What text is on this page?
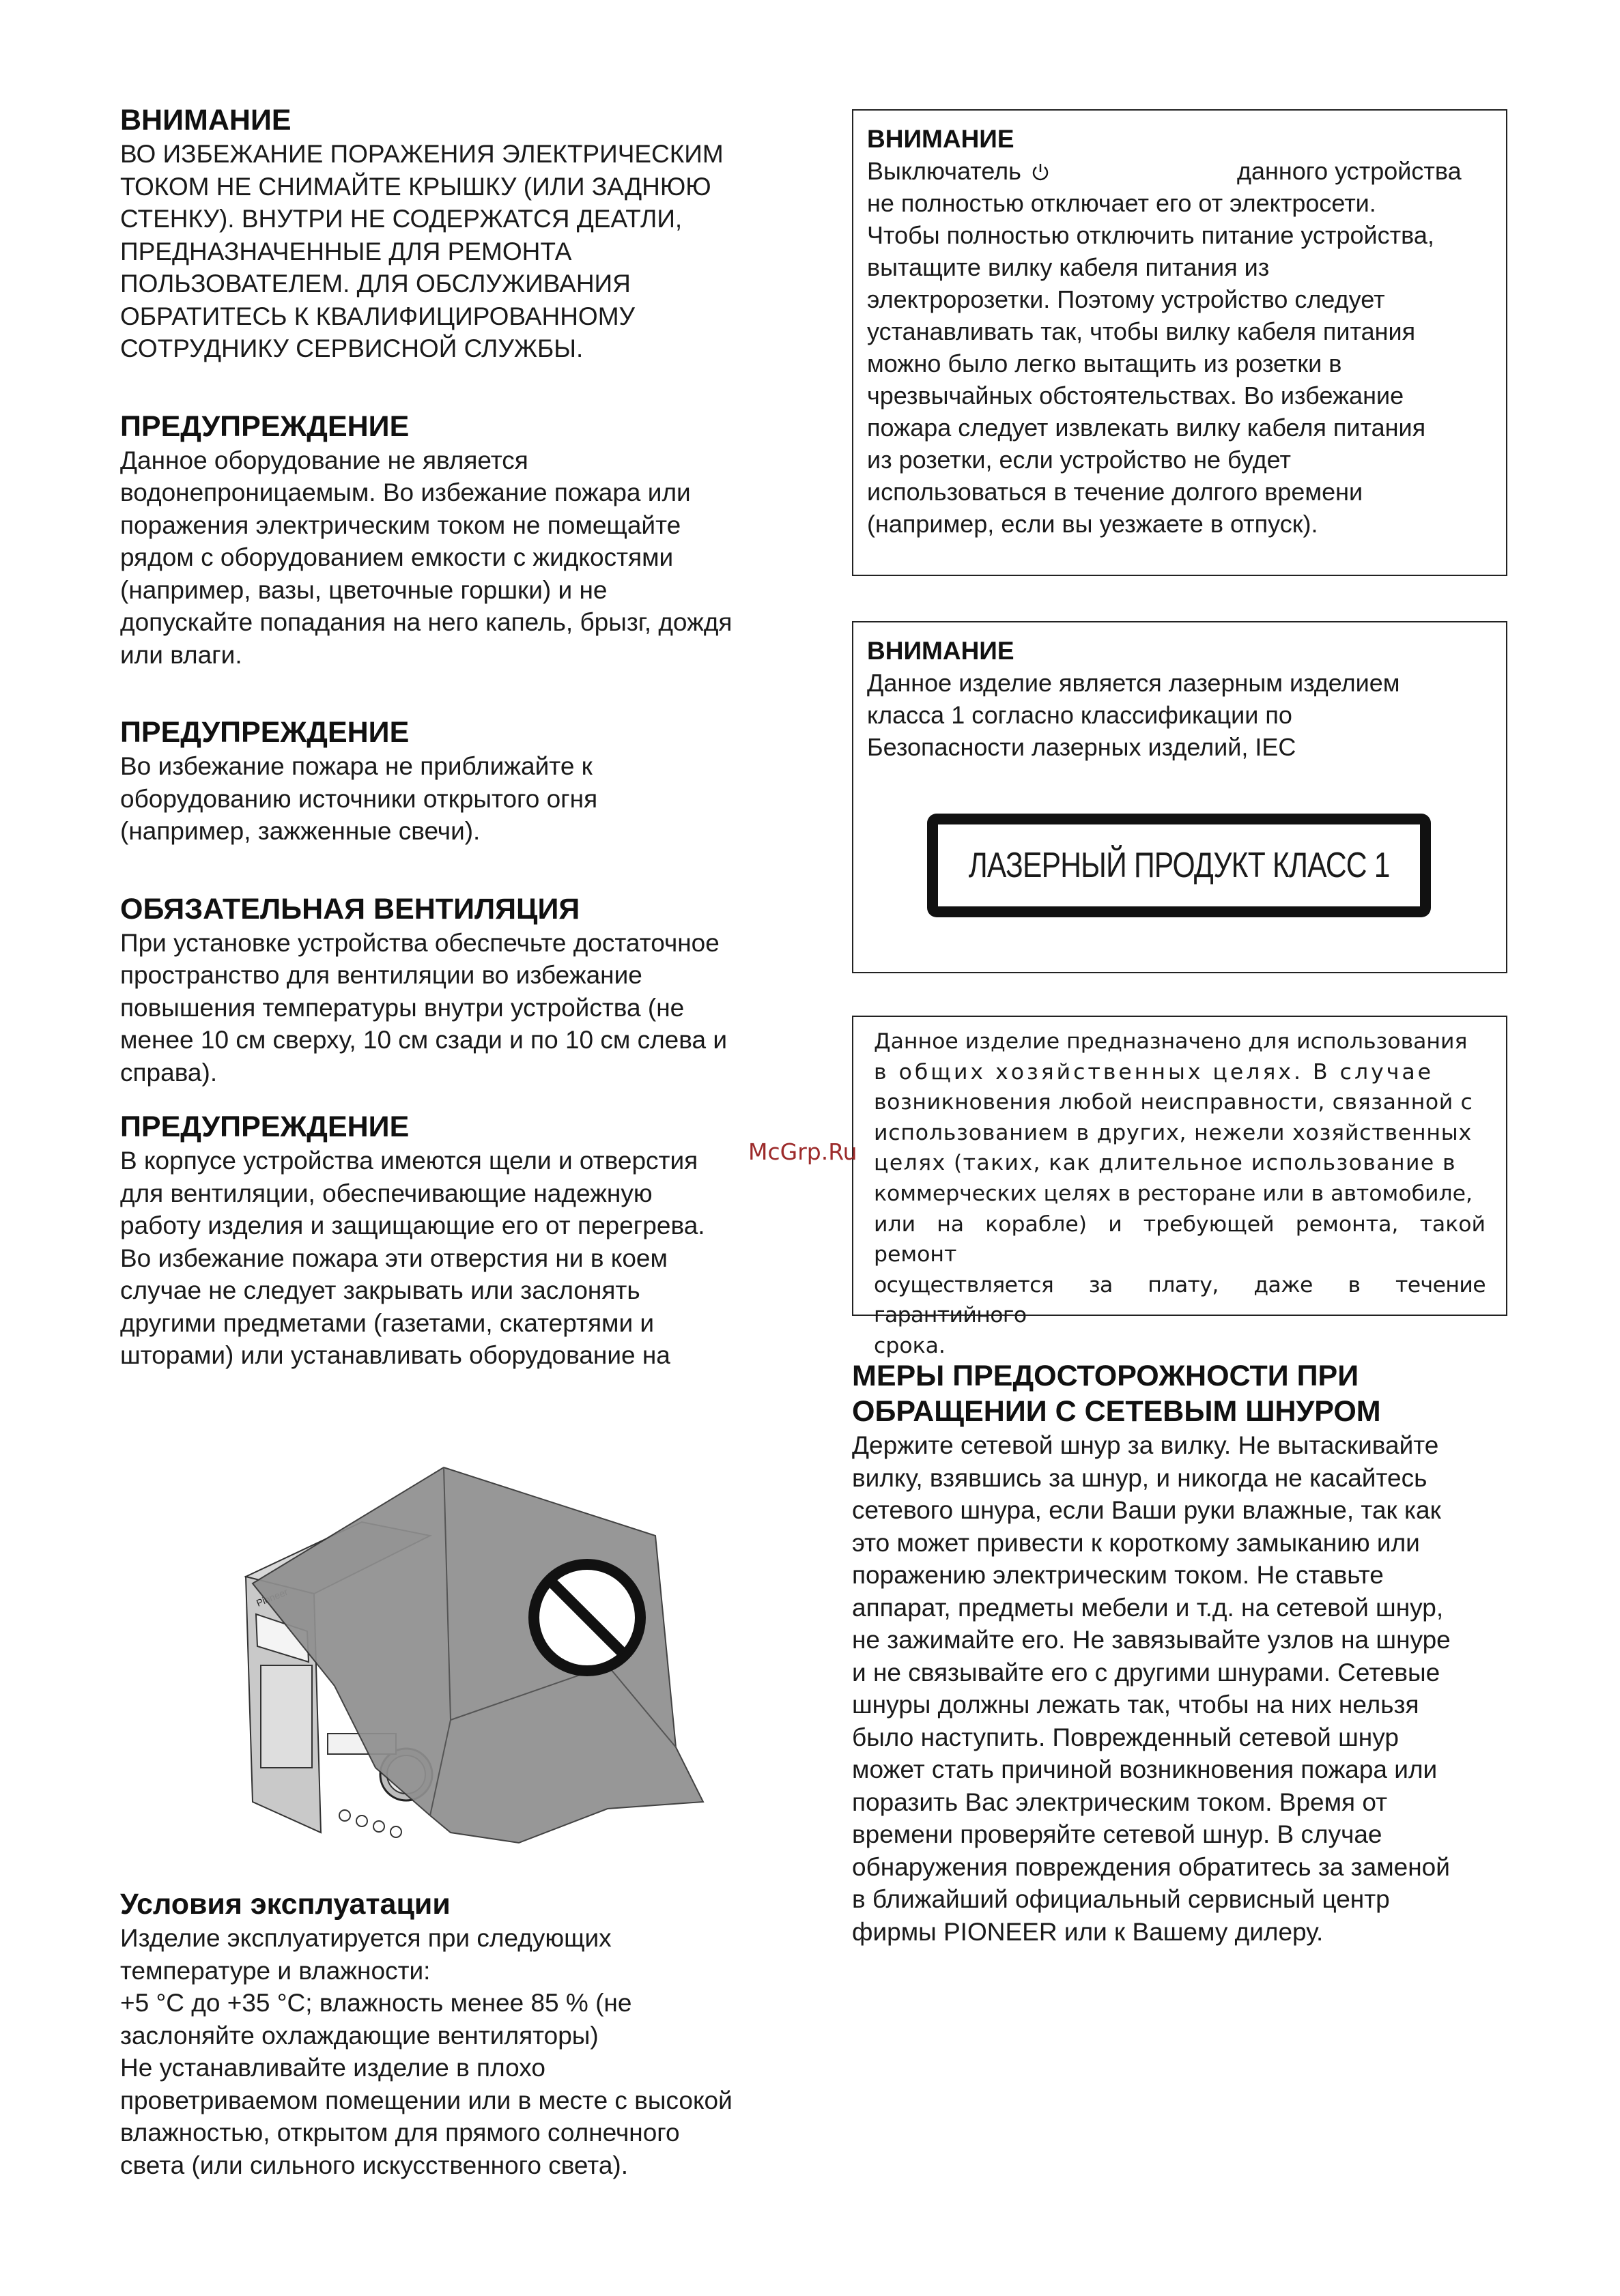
ВНИМАНИЕ

ВО ИЗБЕЖАНИЕ ПОРАЖЕНИЯ ЭЛЕКТРИЧЕСКИМ

ТОКОМ НЕ СНИМАЙТЕ КРЫШКУ (ИЛИ ЗАДНЮЮ

СТЕНКУ). ВНУТРИ НЕ СОДЕРЖАТСЯ ДЕАТЛИ,

ПРЕДНАЗНАЧЕННЫЕ ДЛЯ РЕМОНТА

ПОЛЬЗОВАТЕЛЕМ. ДЛЯ ОБСЛУЖИВАНИЯ

ОБРАТИТЕСЬ К КВАЛИФИЦИРОВАННОМУ

СОТРУДНИКУ СЕРВИСНОЙ СЛУЖБЫ.

ПРЕДУПРЕЖДЕНИЕ

Данное оборудование не является

водонепроницаемым. Во избежание пожара или

поражения электрическим током не помещайте

рядом с оборудованием емкости с жидкостями

(например, вазы, цветочные горшки) и не

допускайте попадания на него капель, брызг, дождя

или влаги.

ПРЕДУПРЕЖДЕНИЕ

Во избежание пожара не приближайте к

оборудованию источники открытого огня

(например, зажженные свечи).

ОБЯЗАТЕЛЬНАЯ ВЕНТИЛЯЦИЯ

При установке устройства обеспечьте достаточное

пространство для вентиляции во избежание

повышения температуры внутри устройства (не

менее 10 см сверху, 10 см сзади и по 10 см слева и

справа).

ПРЕДУПРЕЖДЕНИЕ

В корпусе устройства имеются щели и отверстия

для вентиляции, обеспечивающие надежную

работу изделия и защищающие его от перегрева.

Во избежание пожара эти отверстия ни в коем

случае не следует закрывать или заслонять

другими предметами (газетами, скатертями и

шторами) или устанавливать оборудование на

Условия эксплуатации

Изделие эксплуатируется при следующих

температуре и влажности:

+5 °C до +35 °C; влажность менее 85 % (не

заслоняйте охлаждающие вентиляторы)

Не устанавливайте изделие в плохо

проветриваемом помещении или в месте с высокой

влажностью, открытом для прямого солнечного

света (или сильного искусственного света).

ВНИМАНИЕ

Выключатель	данного устройства

не полностью отключает его от электросети.

Чтобы полностью отключить питание устройства,

вытащите вилку кабеля питания из

электророзетки. Поэтому устройство следует

устанавливать так, чтобы вилку кабеля питания

можно было легко вытащить из розетки в

чрезвычайных обстоятельствах. Во избежание

пожара следует извлекать вилку кабеля питания

из розетки, если устройство не будет

использоваться в течение долгого времени

(например, если вы уезжаете в отпуск).

ВНИМАНИЕ

Данное изделие является лазерным изделием

класса 1 согласно классификации по

Безопасности лазерных изделий, IEC

ЛАЗЕРНЫЙ ПРОДУКТ КЛАСС 1

Данное изделие предназначено для использования

в общих хозяйственных целях. В случае

возникновения любой неисправности, связанной с

использованием в других, нежели хозяйственных

целях (таких, как длительное использование в

коммерческих целях в ресторане или в автомобиле,

или на корабле) и требующей ремонта, такой ремонт

осуществляется за плату, даже в течение гарантийного

срока.

МЕРЫ ПРЕДОСТОРОЖНОСТИ ПРИ
ОБРАЩЕНИИ С СЕТЕВЫМ ШНУРОМ

Держите сетевой шнур за вилку. Не вытаскивайте

вилку, взявшись за шнур, и никогда не касайтесь

сетевого шнура, если Ваши руки влажные, так как

это может привести к короткому замыканию или

поражению электрическим током. Не ставьте

аппарат, предметы мебели и т.д. на сетевой шнур,

не зажимайте его. Не завязывайте узлов на шнуре

и не связывайте его с другими шнурами. Сетевые

шнуры должны лежать так, чтобы на них нельзя

было наступить. Поврежденный сетевой шнур

может стать причиной возникновения пожара или

поразить Вас электрическим током. Время от

времени проверяйте сетевой шнур. В случае

обнаружения повреждения обратитесь за заменой

в ближайший официальный сервисный центр

фирмы PIONEER или к Вашему дилеру.

McGrp.Ru
